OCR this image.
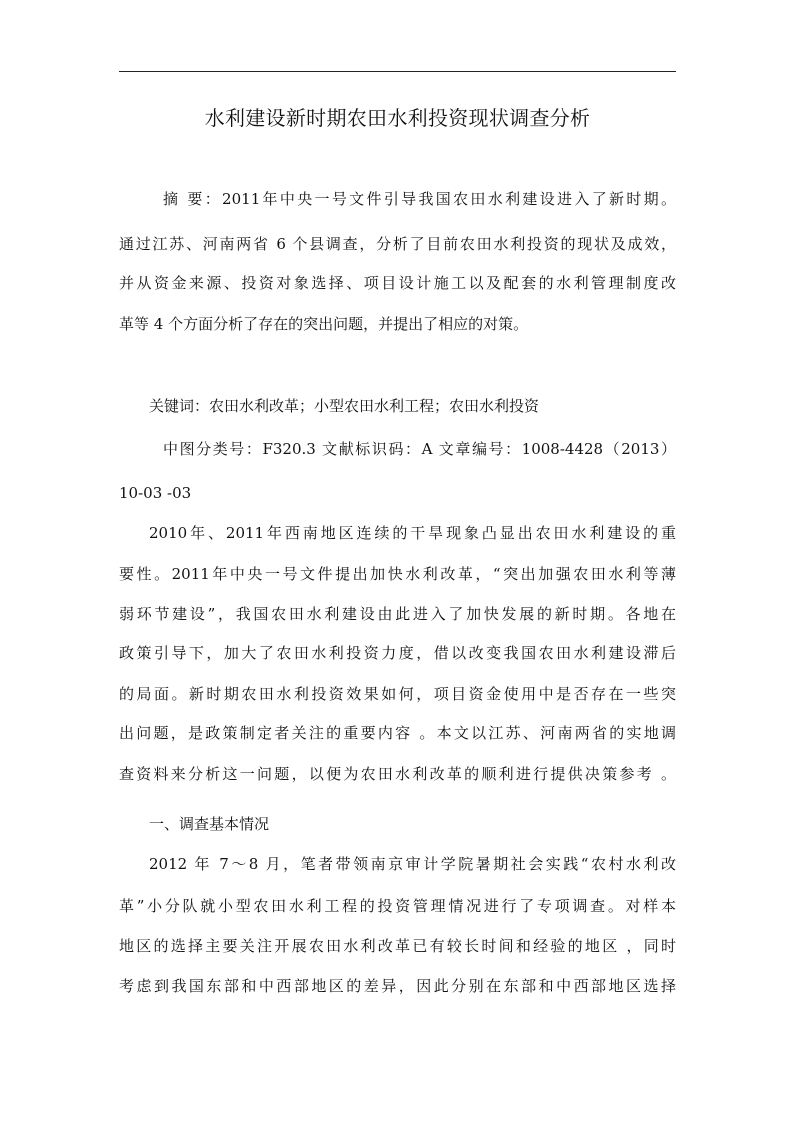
水利建设新时期农田水利投资现状调查分析
摘 要：2011年中央一号文件引导我国农田水利建设进入了新时期。
通过江苏、河南两省 6 个县调查，分析了目前农田水利投资的现状及成效，
并从资金来源、投资对象选择、项目设计施工以及配套的水利管理制度改
革等 4 个方面分析了存在的突出问题，并提出了相应的对策。
关键词：农田水利改革；小型农田水利工程；农田水利投资
中图分类号：F320.3 文献标识码：A 文章编号：1008-4428（2013）
10-03 -03
2010年、2011年西南地区连续的干旱现象凸显出农田水利建设的重
要性。2011年中央一号文件提出加快水利改革，“突出加强农田水利等薄
弱环节建设”，我国农田水利建设由此进入了加快发展的新时期。各地在
政策引导下，加大了农田水利投资力度，借以改变我国农田水利建设滞后
的局面。新时期农田水利投资效果如何，项目资金使用中是否存在一些突
出问题，是政策制定者关注的重要内容 。本文以江苏、河南两省的实地调
查资料来分析这一问题，以便为农田水利改革的顺利进行提供决策参考 。
一、调查基本情况
2012 年 7～8 月，笔者带领南京审计学院暑期社会实践“农村水利改
革”小分队就小型农田水利工程的投资管理情况进行了专项调查。对样本
地区的选择主要关注开展农田水利改革已有较长时间和经验的地区 ，同时
考虑到我国东部和中西部地区的差异，因此分别在东部和中西部地区选择
